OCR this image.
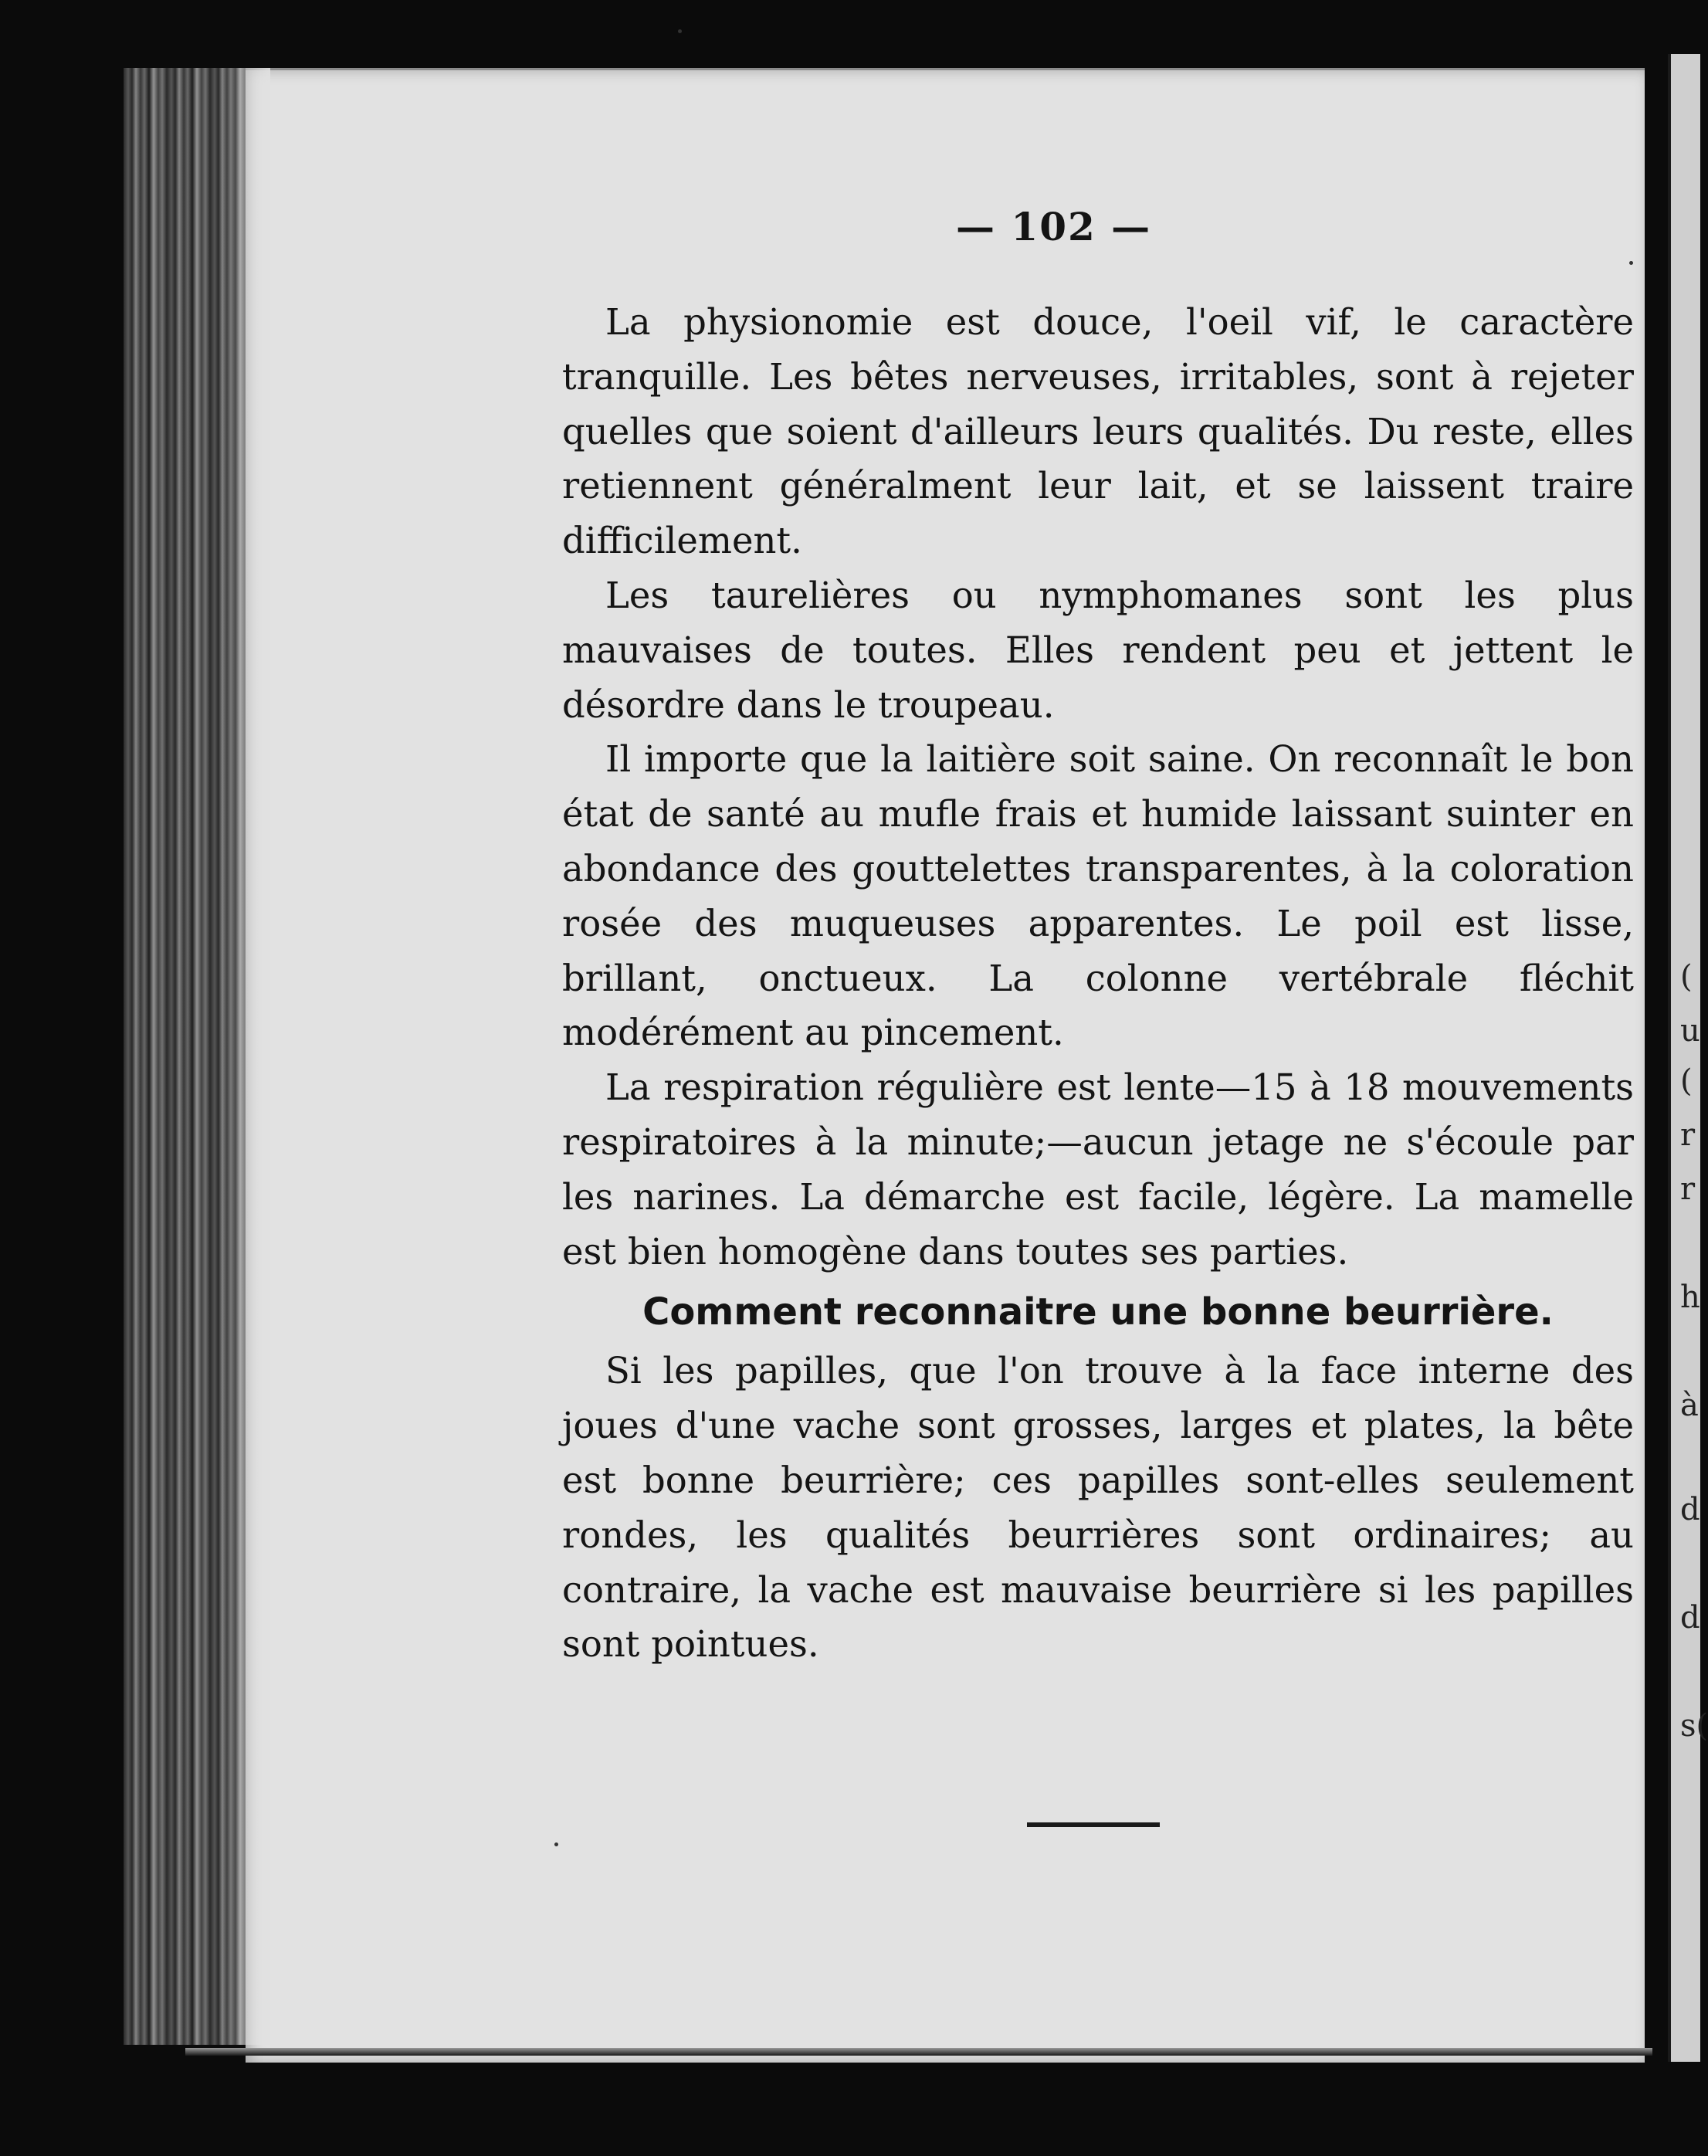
(
u
(
r
r
h
à
d
d
s(
— 102 —

La physionomie est douce, l'oeil vif, le caractère tranquille. Les bêtes nerveuses, irritables, sont à rejeter quelles que soient d'ailleurs leurs qualités. Du reste, elles retiennent généralment leur lait, et se laissent traire difficilement.

Les taurelières ou nymphomanes sont les plus mauvaises de toutes. Elles rendent peu et jettent le désordre dans le troupeau.

Il importe que la laitière soit saine. On reconnaît le bon état de santé au mufle frais et humide laissant suinter en abondance des gouttelettes transparentes, à la coloration rosée des muqueuses apparentes. Le poil est lisse, brillant, onctueux. La colonne vertébrale fléchit modérément au pincement.

La respiration régulière est lente—15 à 18 mouvements respiratoires à la minute;—aucun jetage ne s'écoule par les narines. La démarche est facile, légère. La mamelle est bien homogène dans toutes ses parties.

Comment reconnaitre une bonne beurrière.

Si les papilles, que l'on trouve à la face interne des joues d'une vache sont grosses, larges et plates, la bête est bonne beurrière; ces papilles sont-elles seulement rondes, les qualités beurrières sont ordinaires; au contraire, la vache est mauvaise beurrière si les papilles sont pointues.
